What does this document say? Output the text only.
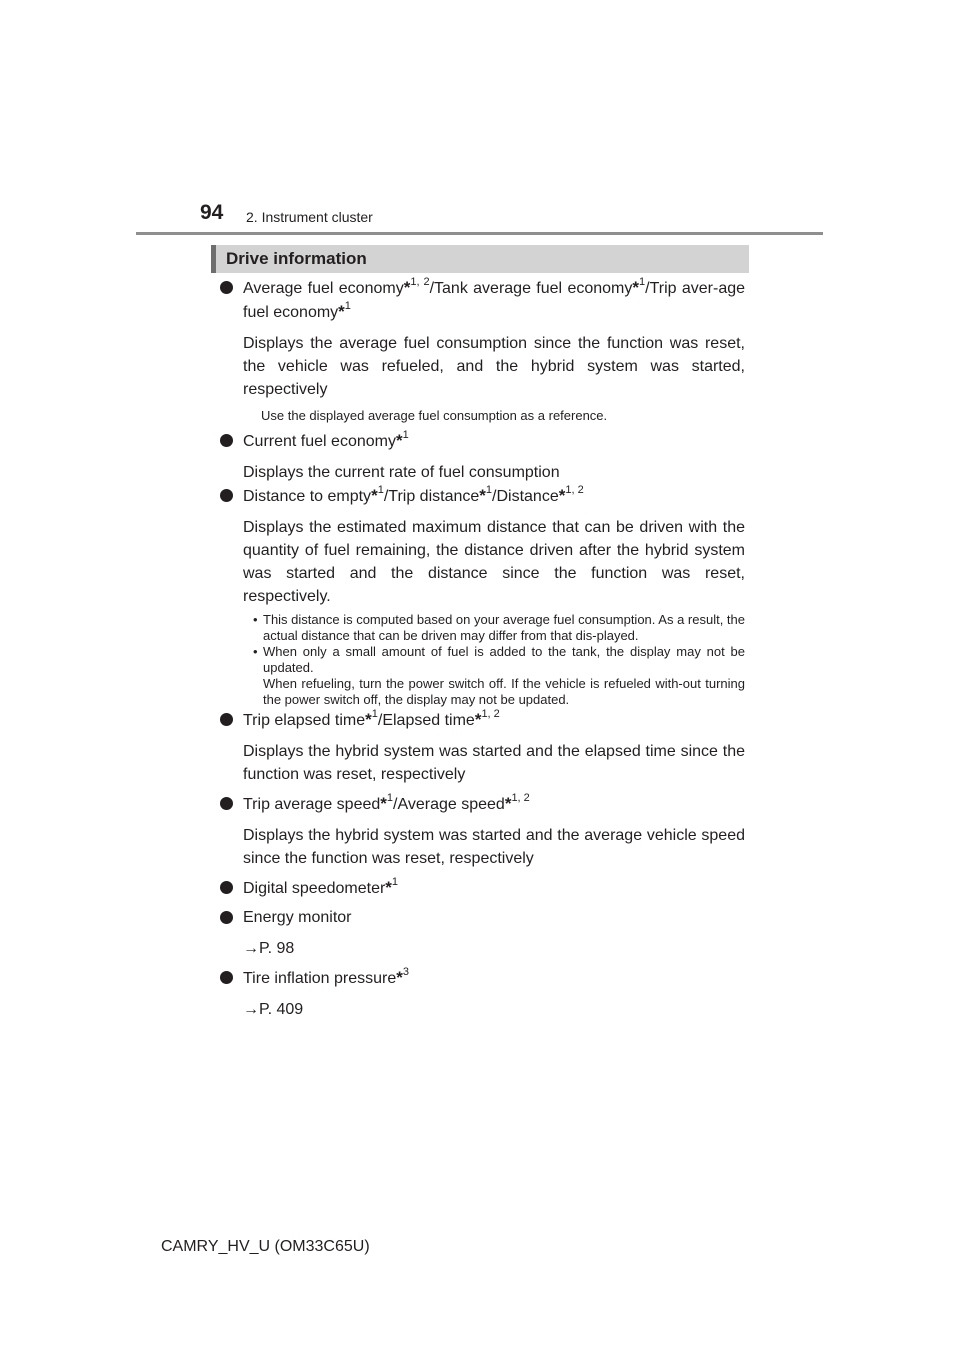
94 2. Instrument cluster
Drive information
Average fuel economy*$^{1, 2}$/Tank average fuel economy*$^1$/Trip aver-age fuel economy*$^1$
Displays the average fuel consumption since the function was reset, the vehicle was refueled, and the hybrid system was started, respectively
Use the displayed average fuel consumption as a reference.
Current fuel economy*$^1$
Displays the current rate of fuel consumption
Distance to empty*$^1$/Trip distance*$^1$/Distance*$^{1, 2}$
Displays the estimated maximum distance that can be driven with the quantity of fuel remaining, the distance driven after the hybrid system was started and the distance since the function was reset, respectively.
• This distance is computed based on your average fuel consumption. As a result, the actual distance that can be driven may differ from that dis-played.
• When only a small amount of fuel is added to the tank, the display may not be updated.
When refueling, turn the power switch off. If the vehicle is refueled with-out turning the power switch off, the display may not be updated.
Trip elapsed time*$^1$/Elapsed time*$^{1, 2}$
Displays the hybrid system was started and the elapsed time since the function was reset, respectively
Trip average speed*$^1$/Average speed*$^{1, 2}$
Displays the hybrid system was started and the average vehicle speed since the function was reset, respectively
Digital speedometer*$^1$
Energy monitor
→P. 98
Tire inflation pressure*$^3$
→P. 409
CAMRY_HV_U (OM33C65U)
